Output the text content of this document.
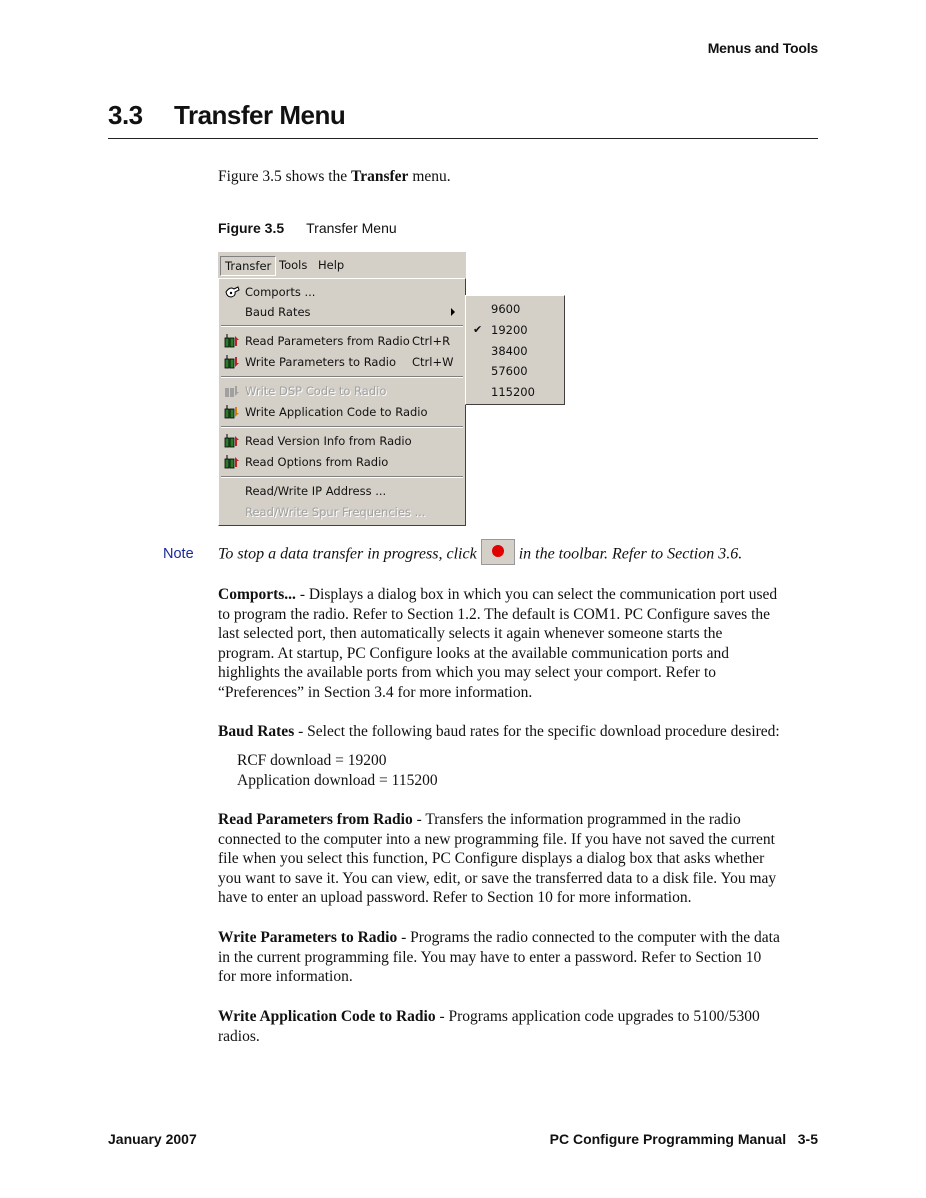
Menus and Tools
3.3 Transfer Menu
Figure 3.5 shows the Transfer menu.
Figure 3.5 Transfer Menu
Transfer Tools Help
Comports ...
Baud Rates
Read Parameters from Radio Ctrl+R
Write Parameters to Radio Ctrl+W
Write DSP Code to Radio
Write Application Code to Radio
Read Version Info from Radio
Read Options from Radio
Read/Write IP Address ...
Read/Write Spur Frequencies ...
9600
✔ 19200
38400
57600
115200
Note To stop a data transfer in progress, click	in the toolbar. Refer to Section 3.6.
Comports... - Displays a dialog box in which you can select the communication port used
to program the radio. Refer to Section 1.2. The default is COM1. PC Configure saves the
last selected port, then automatically selects it again whenever someone starts the
program. At startup, PC Configure looks at the available communication ports and
highlights the available ports from which you may select your comport. Refer to
“Preferences” in Section 3.4 for more information.
Baud Rates - Select the following baud rates for the specific download procedure desired:
RCF download = 19200
Application download = 115200
Read Parameters from Radio - Transfers the information programmed in the radio
connected to the computer into a new programming file. If you have not saved the current
file when you select this function, PC Configure displays a dialog box that asks whether
you want to save it. You can view, edit, or save the transferred data to a disk file. You may
have to enter an upload password. Refer to Section 10 for more information.
Write Parameters to Radio - Programs the radio connected to the computer with the data
in the current programming file. You may have to enter a password. Refer to Section 10
for more information.
Write Application Code to Radio - Programs application code upgrades to 5100/5300
radios.
January 2007	PC Configure Programming Manual   3-5
